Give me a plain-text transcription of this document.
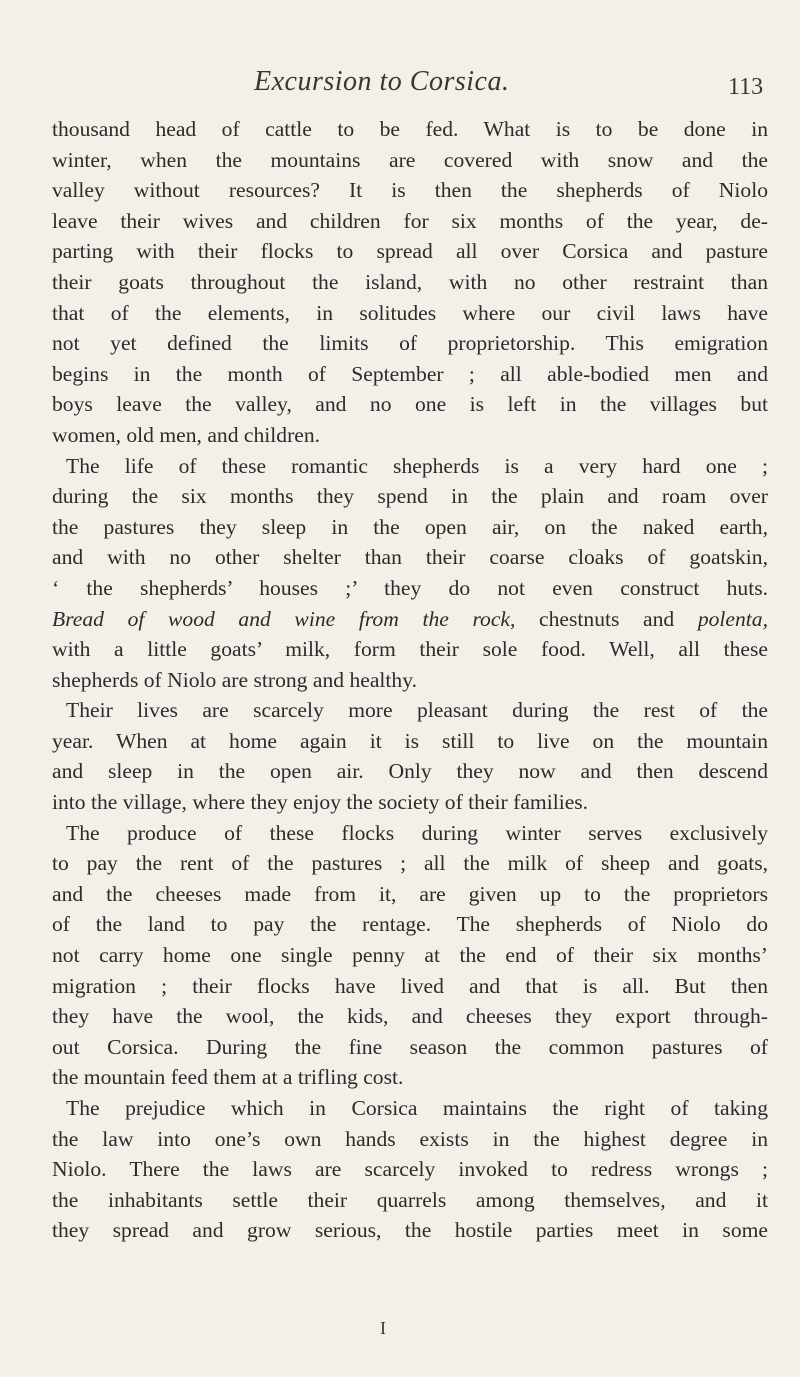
Excursion to Corsica.	113
thousand head of cattle to be fed. What is to be done in
winter, when the mountains are covered with snow and the
valley without resources? It is then the shepherds of Niolo
leave their wives and children for six months of the year, de-
parting with their flocks to spread all over Corsica and pasture
their goats throughout the island, with no other restraint than
that of the elements, in solitudes where our civil laws have
not yet defined the limits of proprietorship. This emigration
begins in the month of September ; all able-bodied men and
boys leave the valley, and no one is left in the villages but
women, old men, and children.
The life of these romantic shepherds is a very hard one ;
during the six months they spend in the plain and roam over
the pastures they sleep in the open air, on the naked earth,
and with no other shelter than their coarse cloaks of goatskin,
‘ the shepherds’ houses ;’ they do not even construct huts.
Bread of wood and wine from the rock, chestnuts and polenta,
with a little goats’ milk, form their sole food. Well, all these
shepherds of Niolo are strong and healthy.
Their lives are scarcely more pleasant during the rest of the
year. When at home again it is still to live on the mountain
and sleep in the open air. Only they now and then descend
into the village, where they enjoy the society of their families.
The produce of these flocks during winter serves exclusively
to pay the rent of the pastures ; all the milk of sheep and goats,
and the cheeses made from it, are given up to the proprietors
of the land to pay the rentage. The shepherds of Niolo do
not carry home one single penny at the end of their six months’
migration ; their flocks have lived and that is all. But then
they have the wool, the kids, and cheeses they export through-
out Corsica. During the fine season the common pastures of
the mountain feed them at a trifling cost.
The prejudice which in Corsica maintains the right of taking
the law into one’s own hands exists in the highest degree in
Niolo. There the laws are scarcely invoked to redress wrongs ;
the inhabitants settle their quarrels among themselves, and it
they spread and grow serious, the hostile parties meet in some
I
